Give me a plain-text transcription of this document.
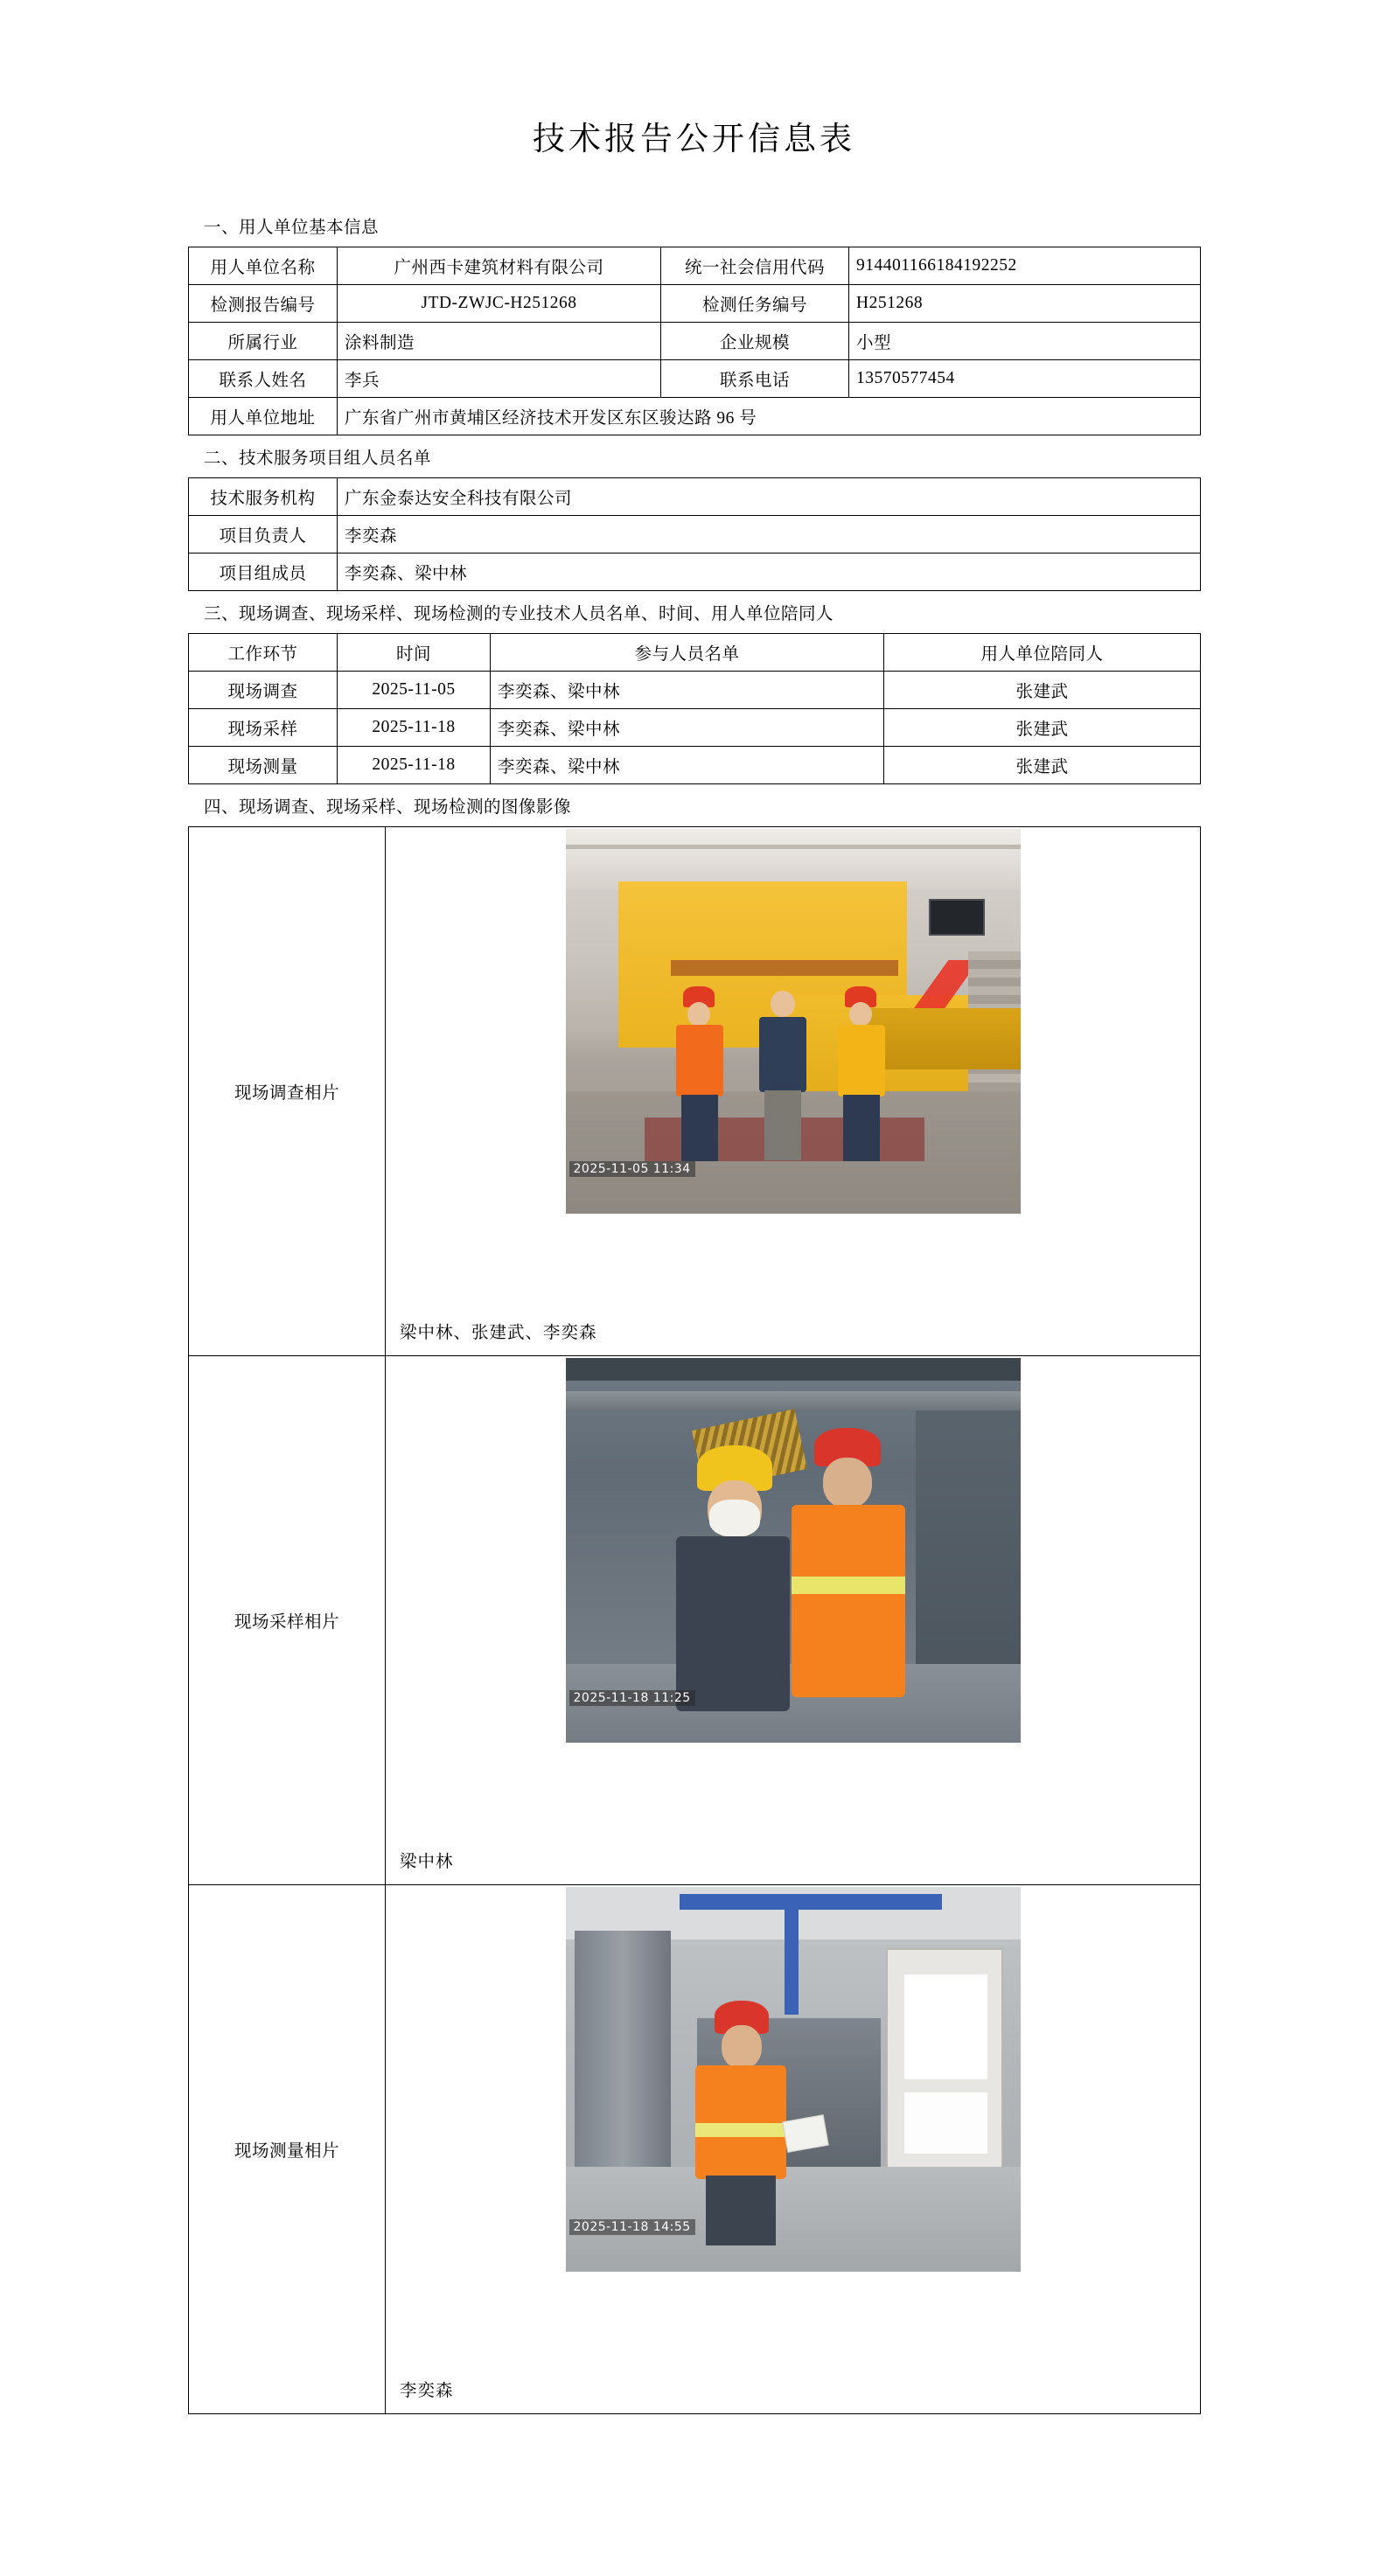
技术报告公开信息表
一、用人单位基本信息
用人单位名称	广州西卡建筑材料有限公司	统一社会信用代码	914401166184192252
检测报告编号	JTD-ZWJC-H251268	检测任务编号	H251268
所属行业	涂料制造	企业规模	小型
联系人姓名	李兵	联系电话	13570577454
用人单位地址	广东省广州市黄埔区经济技术开发区东区骏达路 96 号		
二、技术服务项目组人员名单
技术服务机构	广东金泰达安全科技有限公司
项目负责人	李奕森
项目组成员	李奕森、梁中林
三、现场调查、现场采样、现场检测的专业技术人员名单、时间、用人单位陪同人
工作环节	时间	参与人员名单	用人单位陪同人
现场调查	2025-11-05	李奕森、梁中林	张建武
现场采样	2025-11-18	李奕森、梁中林	张建武
现场测量	2025-11-18	李奕森、梁中林	张建武
四、现场调查、现场采样、现场检测的图像影像
现场调查相片	2025-11-05 11:34
梁中林、张建武、李奕森

现场采样相片	2025-11-18 11:25
梁中林

现场测量相片	2025-11-18 14:55
李奕森
